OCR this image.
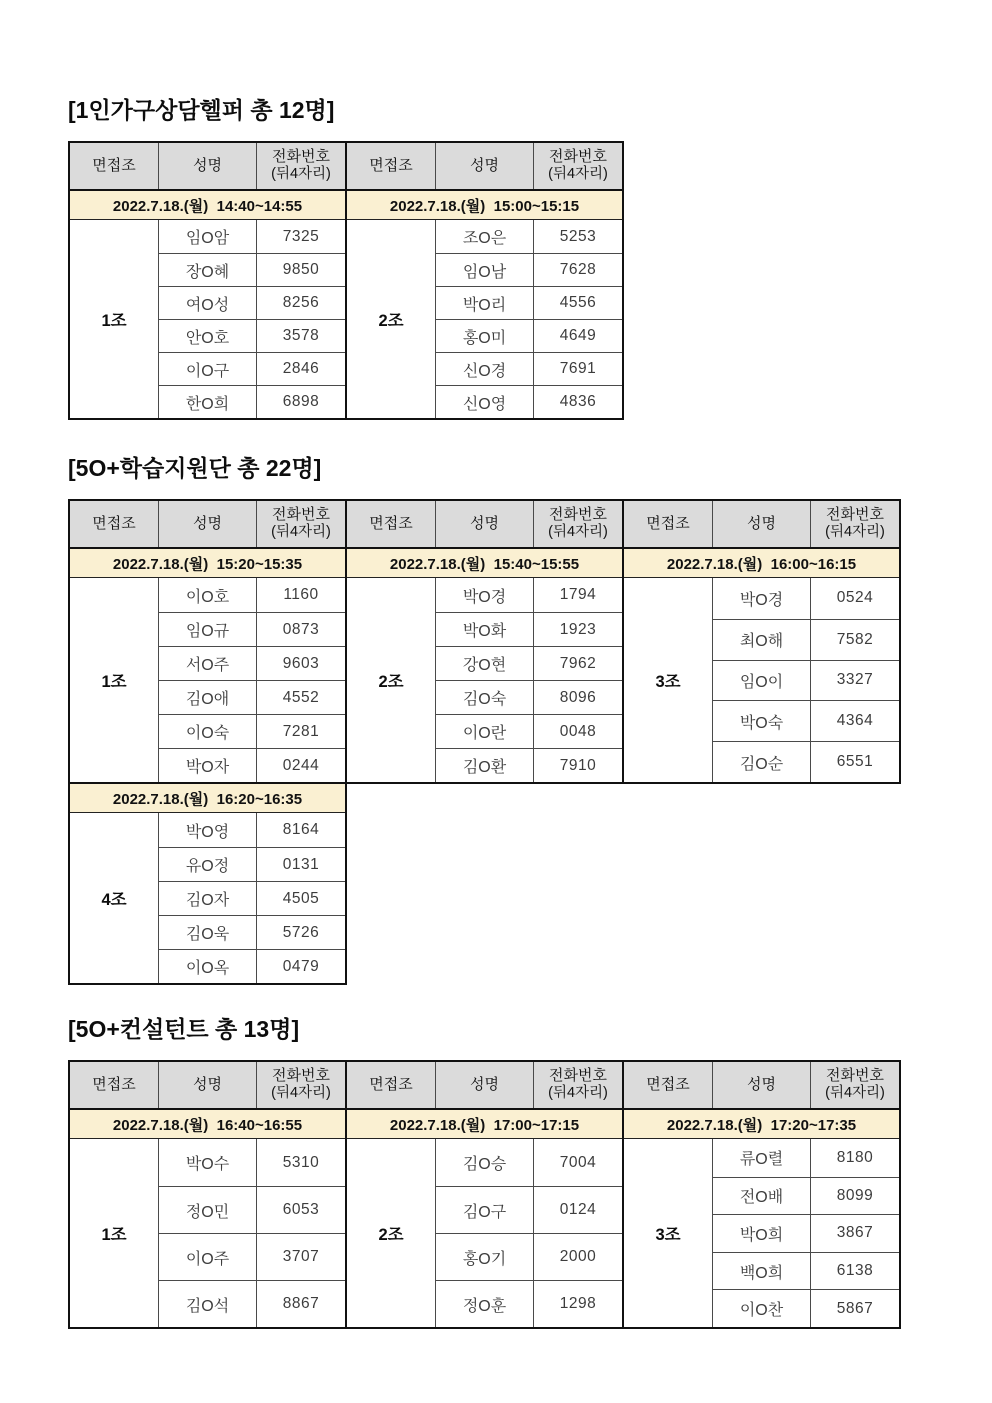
[1인가구상담헬퍼 총 12명]
면접조	성명	전화번호
(뒤4자리)
2022.7.18.(월)  14:40~14:55
1조
임O암	7325
장O혜	9850
여O성	8256
안O호	3578
이O구	2846
한O희	6898
면접조	성명	전화번호
(뒤4자리)
2022.7.18.(월)  15:00~15:15
2조
조O은	5253
임O남	7628
박O리	4556
홍O미	4649
신O경	7691
신O영	4836
[5O+학습지원단 총 22명]
면접조	성명	전화번호
(뒤4자리)
2022.7.18.(월)  15:20~15:35
1조
이O호	1160
임O규	0873
서O주	9603
김O애	4552
이O숙	7281
박O자	0244
면접조	성명	전화번호
(뒤4자리)
2022.7.18.(월)  15:40~15:55
2조
박O경	1794
박O화	1923
강O현	7962
김O숙	8096
이O란	0048
김O환	7910
면접조	성명	전화번호
(뒤4자리)
2022.7.18.(월)  16:00~16:15
3조
박O경	0524
최O해	7582
임O이	3327
박O숙	4364
김O순	6551
2022.7.18.(월)  16:20~16:35
4조
박O영	8164
유O정	0131
김O자	4505
김O욱	5726
이O옥	0479
[5O+컨설턴트 총 13명]
면접조	성명	전화번호
(뒤4자리)
2022.7.18.(월)  16:40~16:55
1조
박O수	5310
정O민	6053
이O주	3707
김O석	8867
면접조	성명	전화번호
(뒤4자리)
2022.7.18.(월)  17:00~17:15
2조
김O승	7004
김O구	0124
홍O기	2000
정O훈	1298
면접조	성명	전화번호
(뒤4자리)
2022.7.18.(월)  17:20~17:35
3조
류O렬	8180
전O배	8099
박O희	3867
백O희	6138
이O찬	5867
